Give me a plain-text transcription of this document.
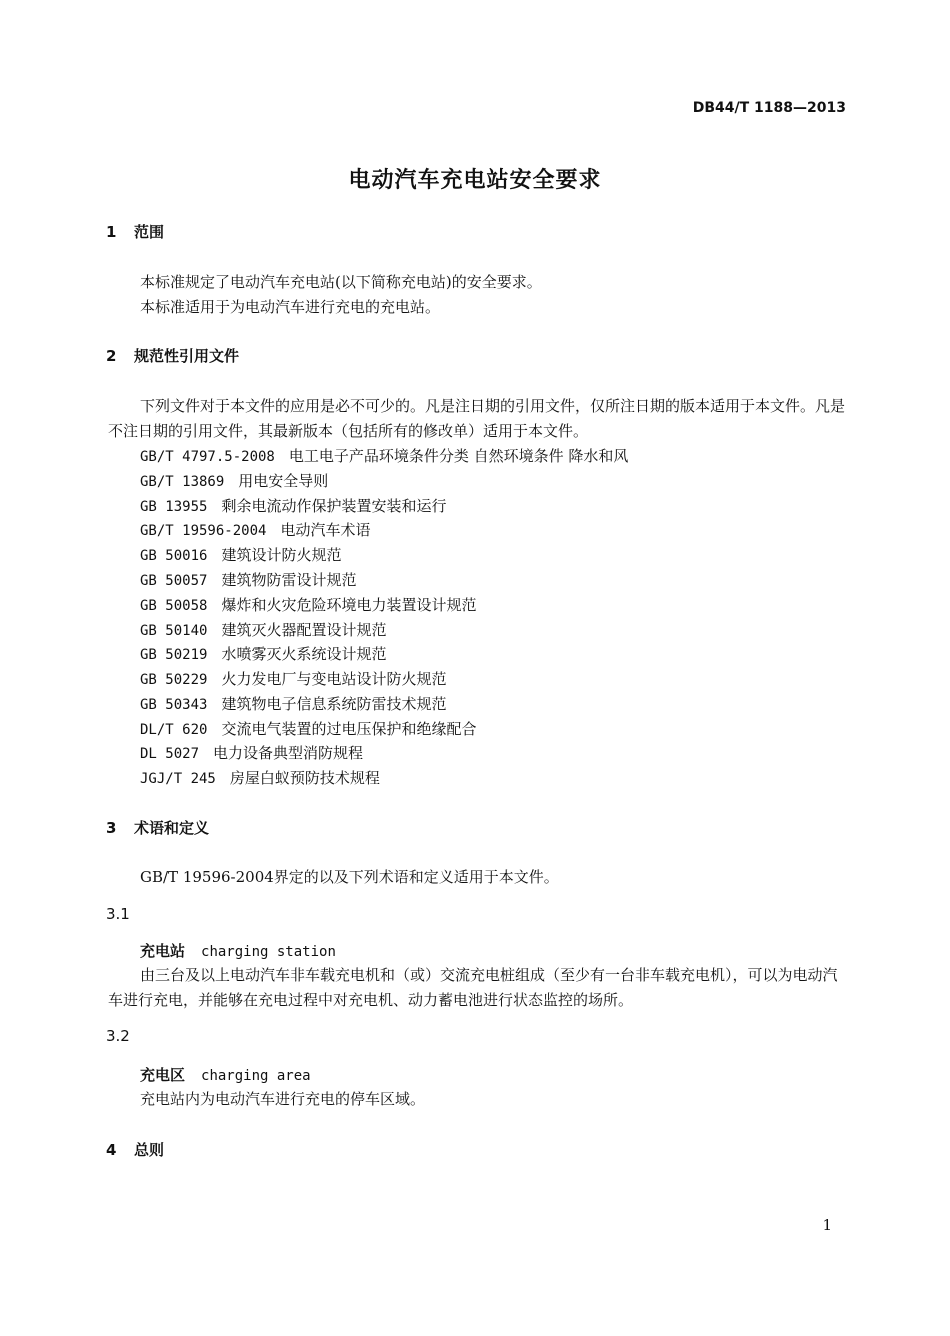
DB44/T 1188—2013
电动汽车充电站安全要求
1 范围
本标准规定了电动汽车充电站(以下简称充电站)的安全要求。
本标准适用于为电动汽车进行充电的充电站。
2 规范性引用文件
下列文件对于本文件的应用是必不可少的。凡是注日期的引用文件，仅所注日期的版本适用于本文件。凡是不注日期的引用文件，其最新版本（包括所有的修改单）适用于本文件。
GB/T 4797.5-2008 电工电子产品环境条件分类 自然环境条件 降水和风
GB/T 13869 用电安全导则
GB 13955 剩余电流动作保护装置安装和运行
GB/T 19596-2004 电动汽车术语
GB 50016 建筑设计防火规范
GB 50057 建筑物防雷设计规范
GB 50058 爆炸和火灾危险环境电力装置设计规范
GB 50140 建筑灭火器配置设计规范
GB 50219 水喷雾灭火系统设计规范
GB 50229 火力发电厂与变电站设计防火规范
GB 50343 建筑物电子信息系统防雷技术规范
DL/T 620 交流电气装置的过电压保护和绝缘配合
DL 5027 电力设备典型消防规程
JGJ/T 245 房屋白蚁预防技术规程
3 术语和定义
GB/T 19596-2004界定的以及下列术语和定义适用于本文件。
3.1
充电站 charging station
由三台及以上电动汽车非车载充电机和（或）交流充电桩组成（至少有一台非车载充电机），可以为电动汽车进行充电，并能够在充电过程中对充电机、动力蓄电池进行状态监控的场所。
3.2
充电区 charging area
充电站内为电动汽车进行充电的停车区域。
4 总则
1
